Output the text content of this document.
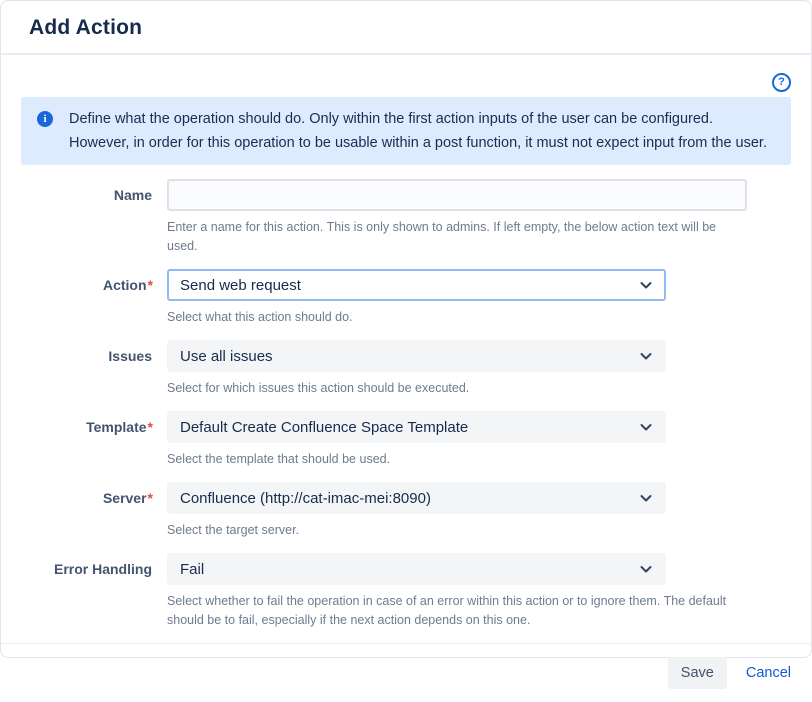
Add Action
?
i
Define what the operation should do. Only within the first action inputs of the user can be configured. However, in order for this operation to be usable within a post function, it must not expect input from the user.
Name
Enter a name for this action. This is only shown to admins. If left empty, the below action text will be used.
Action* Send web request
Select what this action should do.
Issues Use all issues
Select for which issues this action should be executed.
Template* Default Create Confluence Space Template
Select the template that should be used.
Server* Confluence (http://cat-imac-mei:8090)
Select the target server.
Error Handling Fail
Select whether to fail the operation in case of an error within this action or to ignore them. The default should be to fail, especially if the next action depends on this one.
Save	Cancel
